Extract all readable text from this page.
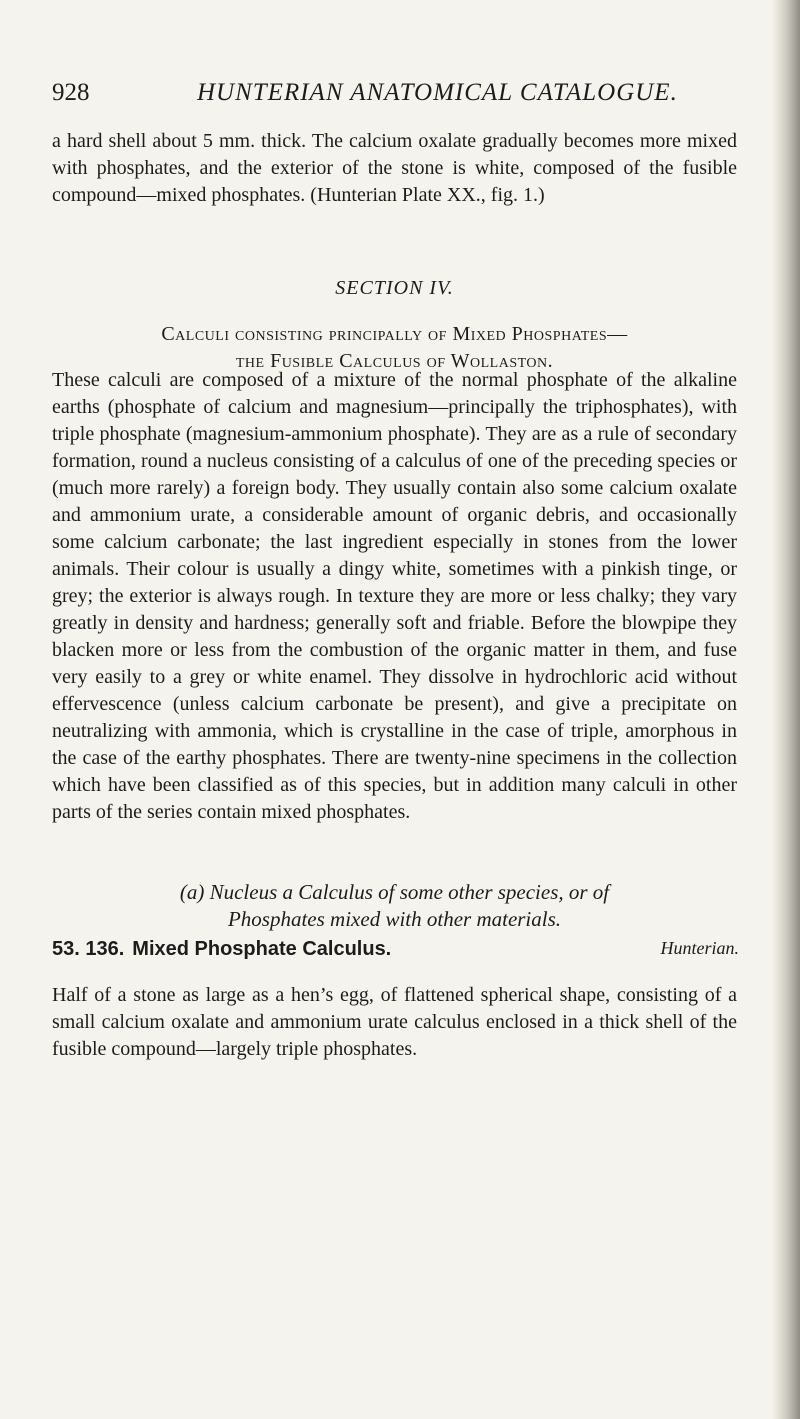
928	HUNTERIAN ANATOMICAL CATALOGUE.

a hard shell about 5 mm. thick. The calcium oxalate gradually becomes more mixed with phosphates, and the exterior of the stone is white, composed of the fusible compound—mixed phosphates. (Hunterian Plate XX., fig. 1.)

SECTION IV.

Calculi consisting principally of Mixed Phosphates—
the Fusible Calculus of Wollaston.

These calculi are composed of a mixture of the normal phosphate of the alkaline earths (phosphate of calcium and magnesium—principally the triphosphates), with triple phosphate (magnesium-ammonium phosphate). They are as a rule of secondary formation, round a nucleus consisting of a calculus of one of the preceding species or (much more rarely) a foreign body. They usually contain also some calcium oxalate and ammonium urate, a considerable amount of organic debris, and occasionally some calcium carbonate; the last ingredient especially in stones from the lower animals. Their colour is usually a dingy white, sometimes with a pinkish tinge, or grey; the exterior is always rough. In texture they are more or less chalky; they vary greatly in density and hardness; generally soft and friable. Before the blowpipe they blacken more or less from the combustion of the organic matter in them, and fuse very easily to a grey or white enamel. They dissolve in hydrochloric acid without effervescence (unless calcium carbonate be present), and give a precipitate on neutralizing with ammonia, which is crystalline in the case of triple, amorphous in the case of the earthy phosphates. There are twenty-nine specimens in the collection which have been classified as of this species, but in addition many calculi in other parts of the series contain mixed phosphates.

(a) Nucleus a Calculus of some other species, or of
Phosphates mixed with other materials.

53. 136. Mixed Phosphate Calculus.	Hunterian.

Half of a stone as large as a hen’s egg, of flattened spherical shape, consisting of a small calcium oxalate and ammonium urate calculus enclosed in a thick shell of the fusible compound—largely triple phosphates.
